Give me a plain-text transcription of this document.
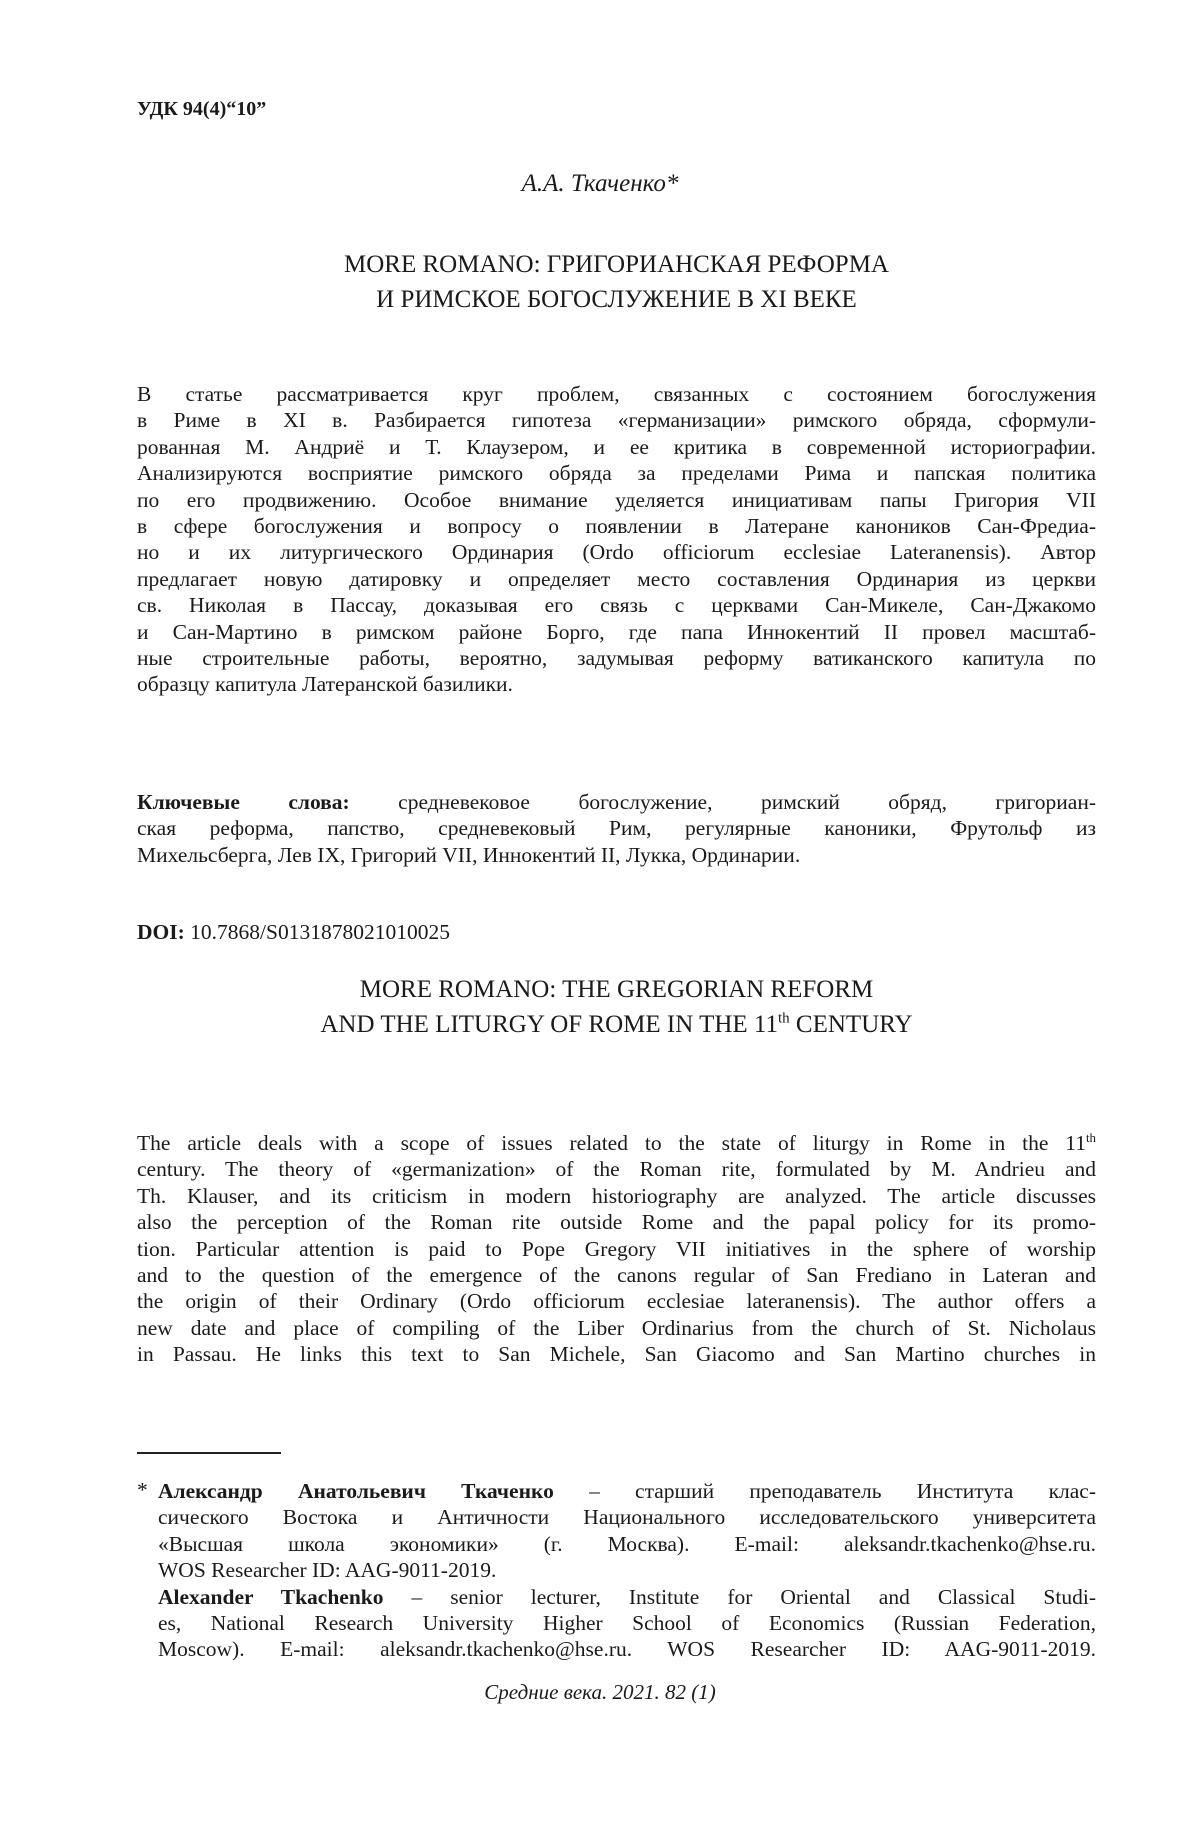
УДК 94(4)“10”
А.А. Ткаченко*
MORE ROMANO: ГРИГОРИАНСКАЯ РЕФОРМА
И РИМСКОЕ БОГОСЛУЖЕНИЕ В XI ВЕКЕ
В статье рассматривается круг проблем, связанных с состоянием богослужения
в Риме в XI в. Разбирается гипотеза «германизации» римского обряда, сформули-
рованная М. Андриё и Т. Клаузером, и ее критика в современной историографии.
Анализируются восприятие римского обряда за пределами Рима и папская политика
по его продвижению. Особое внимание уделяется инициативам папы Григория VII
в сфере богослужения и вопросу о появлении в Латеране каноников Сан-Фредиа-
но и их литургического Ординария (Ordo officiorum ecclesiae Lateranensis). Автор
предлагает новую датировку и определяет место составления Ординария из церкви
св. Николая в Пассау, доказывая его связь с церквами Сан-Микеле, Сан-Джакомо
и Сан-Мартино в римском районе Борго, где папа Иннокентий II провел масштаб-
ные строительные работы, вероятно, задумывая реформу ватиканского капитула по
образцу капитула Латеранской базилики.
Ключевые слова: средневековое богослужение, римский обряд, григориан-
ская реформа, папство, средневековый Рим, регулярные каноники, Фрутольф из
Михельсберга, Лев IX, Григорий VII, Иннокентий II, Лукка, Ординарии.
DOI: 10.7868/S0131878021010025
MORE ROMANO: THE GREGORIAN REFORM
AND THE LITURGY OF ROME IN THE 11th CENTURY
The article deals with a scope of issues related to the state of liturgy in Rome in the 11th
century. The theory of «germanization» of the Roman rite, formulated by M. Andrieu and
Th. Klauser, and its criticism in modern historiography are analyzed. The article discusses
also the perception of the Roman rite outside Rome and the papal policy for its promo-
tion. Particular attention is paid to Pope Gregory VII initiatives in the sphere of worship
and to the question of the emergence of the canons regular of San Frediano in Lateran and
the origin of their Ordinary (Ordo officiorum ecclesiae lateranensis). The author offers a
new date and place of compiling of the Liber Ordinarius from the church of St. Nicholaus
in Passau. He links this text to San Michele, San Giacomo and San Martino churches in
* Александр Анатольевич Ткаченко – старший преподаватель Института клас-
сического Востока и Античности Национального исследовательского университета
«Высшая школа экономики» (г. Москва). E-mail: aleksandr.tkachenko@hse.ru.
WOS Researcher ID: AAG-9011-2019.
Alexander Tkachenko – senior lecturer, Institute for Oriental and Classical Studi-
es, National Research University Higher School of Economics (Russian Federation,
Moscow). E-mail: aleksandr.tkachenko@hse.ru. WOS Researcher ID: AAG-9011-2019.
Средние века. 2021. 82 (1)
